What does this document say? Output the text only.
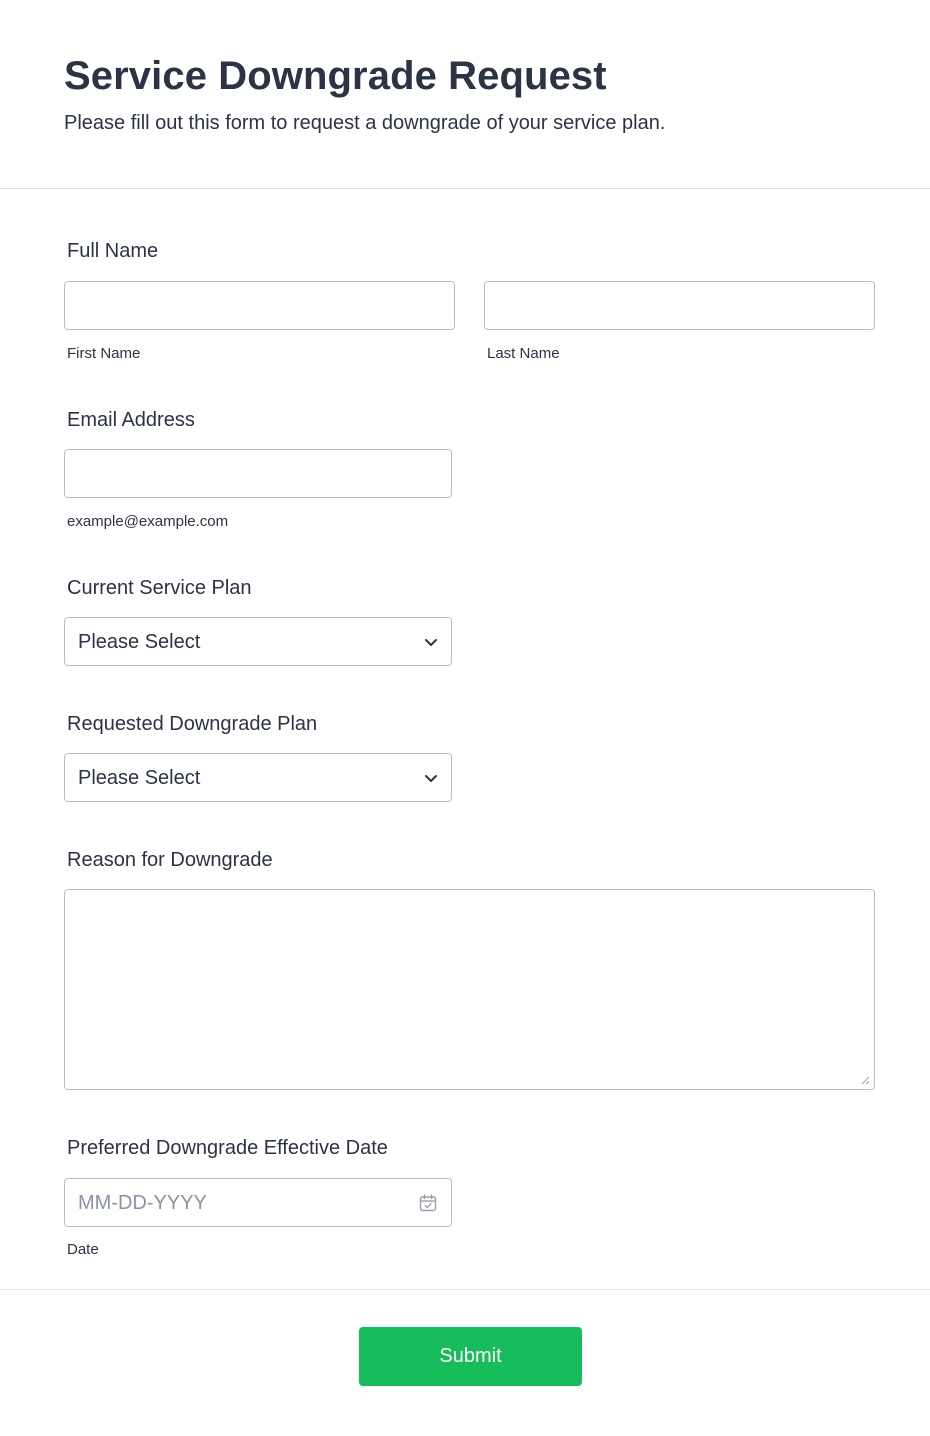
Service Downgrade Request
Please fill out this form to request a downgrade of your service plan.
Full Name
First Name	Last Name
Email Address
example@example.com
Current Service Plan
Please Select
Requested Downgrade Plan
Please Select
Reason for Downgrade
Preferred Downgrade Effective Date
MM-DD-YYYY
Date
Submit
